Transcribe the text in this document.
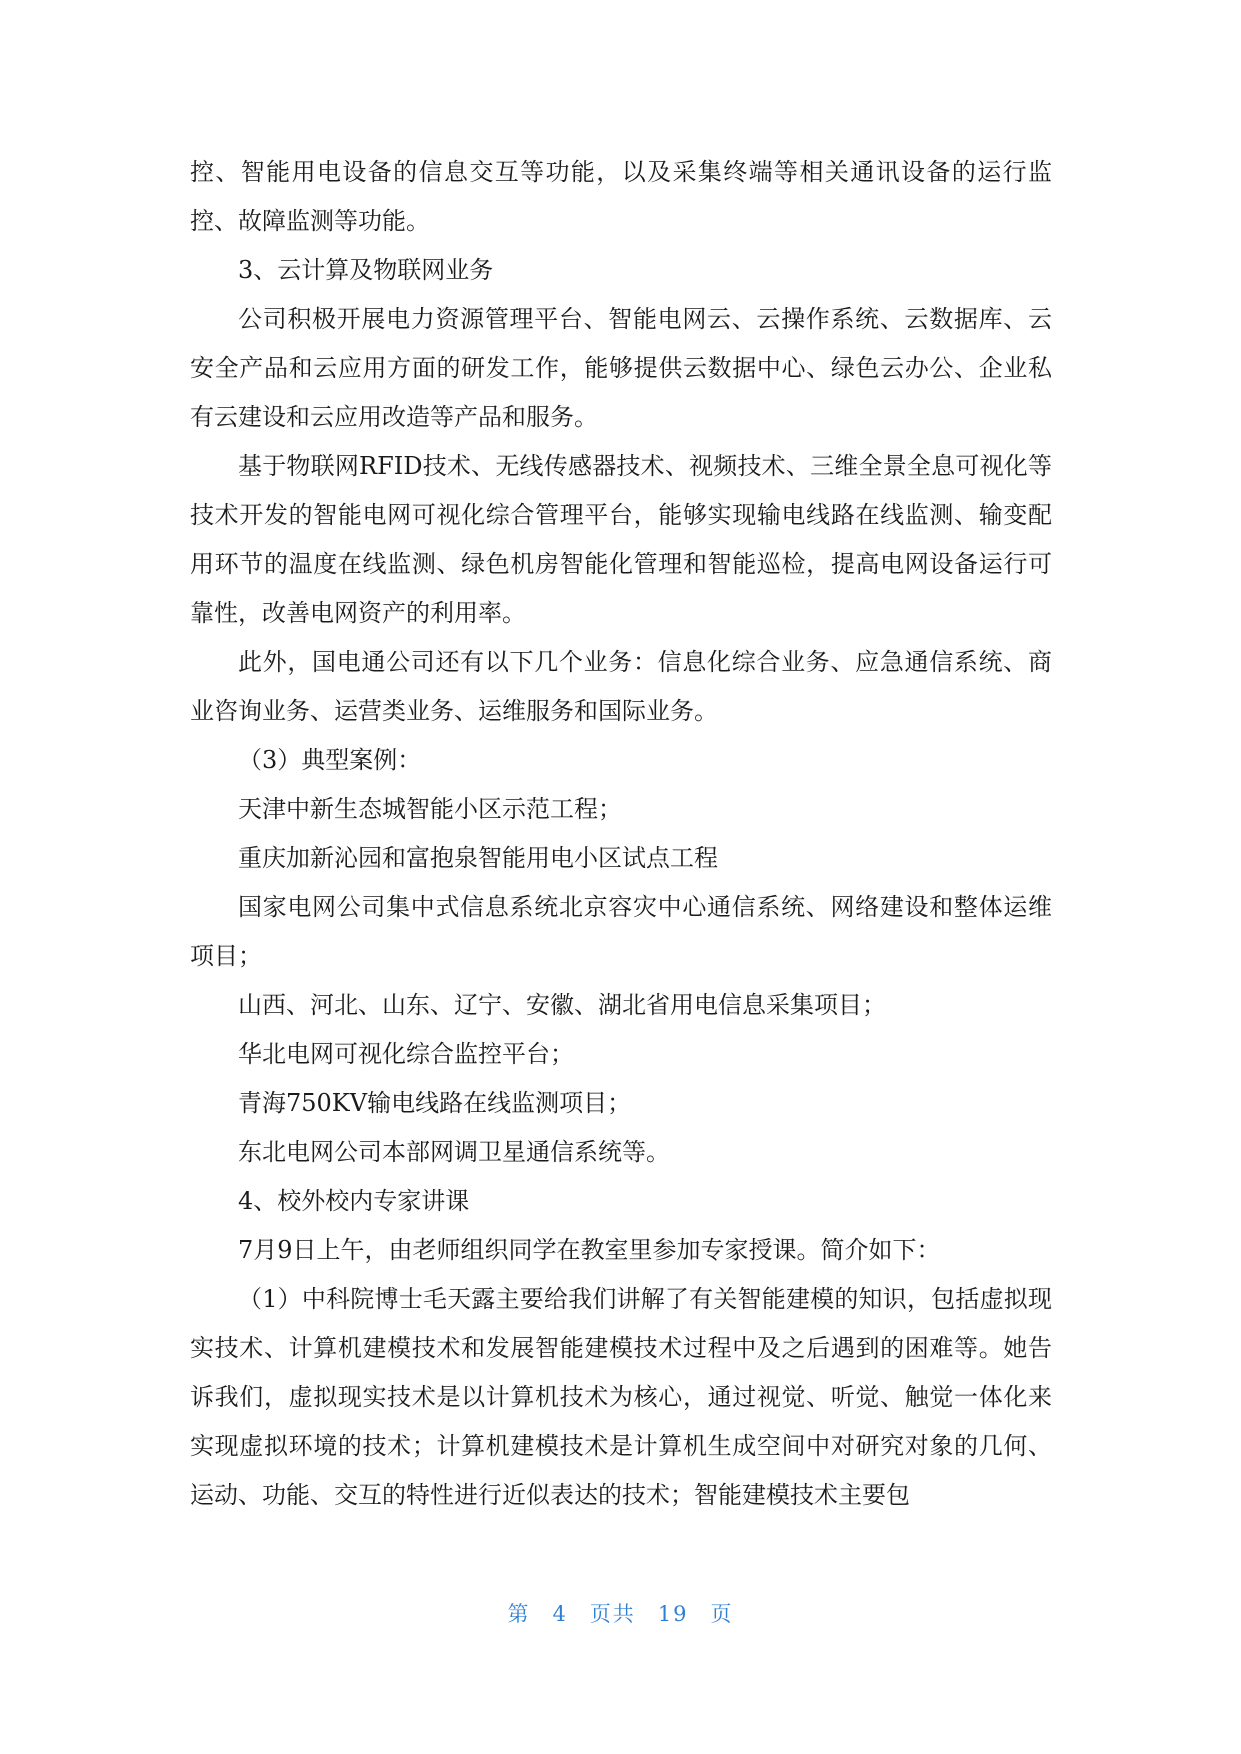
控、智能用电设备的信息交互等功能，以及采集终端等相关通讯设备的运行监控、故障监测等功能。

3、云计算及物联网业务

公司积极开展电力资源管理平台、智能电网云、云操作系统、云数据库、云安全产品和云应用方面的研发工作，能够提供云数据中心、绿色云办公、企业私有云建设和云应用改造等产品和服务。

基于物联网RFID技术、无线传感器技术、视频技术、三维全景全息可视化等技术开发的智能电网可视化综合管理平台，能够实现输电线路在线监测、输变配用环节的温度在线监测、绿色机房智能化管理和智能巡检，提高电网设备运行可靠性，改善电网资产的利用率。

此外，国电通公司还有以下几个业务：信息化综合业务、应急通信系统、商业咨询业务、运营类业务、运维服务和国际业务。

（3）典型案例：

天津中新生态城智能小区示范工程；

重庆加新沁园和富抱泉智能用电小区试点工程

国家电网公司集中式信息系统北京容灾中心通信系统、网络建设和整体运维项目；

山西、河北、山东、辽宁、安徽、湖北省用电信息采集项目；

华北电网可视化综合监控平台；

青海750KV输电线路在线监测项目；

东北电网公司本部网调卫星通信系统等。

4、校外校内专家讲课

7月9日上午，由老师组织同学在教室里参加专家授课。简介如下：

（1）中科院博士毛天露主要给我们讲解了有关智能建模的知识，包括虚拟现实技术、计算机建模技术和发展智能建模技术过程中及之后遇到的困难等。她告诉我们，虚拟现实技术是以计算机技术为核心，通过视觉、听觉、触觉一体化来实现虚拟环境的技术；计算机建模技术是计算机生成空间中对研究对象的几何、运动、功能、交互的特性进行近似表达的技术；智能建模技术主要包

第 4 页共 19 页
